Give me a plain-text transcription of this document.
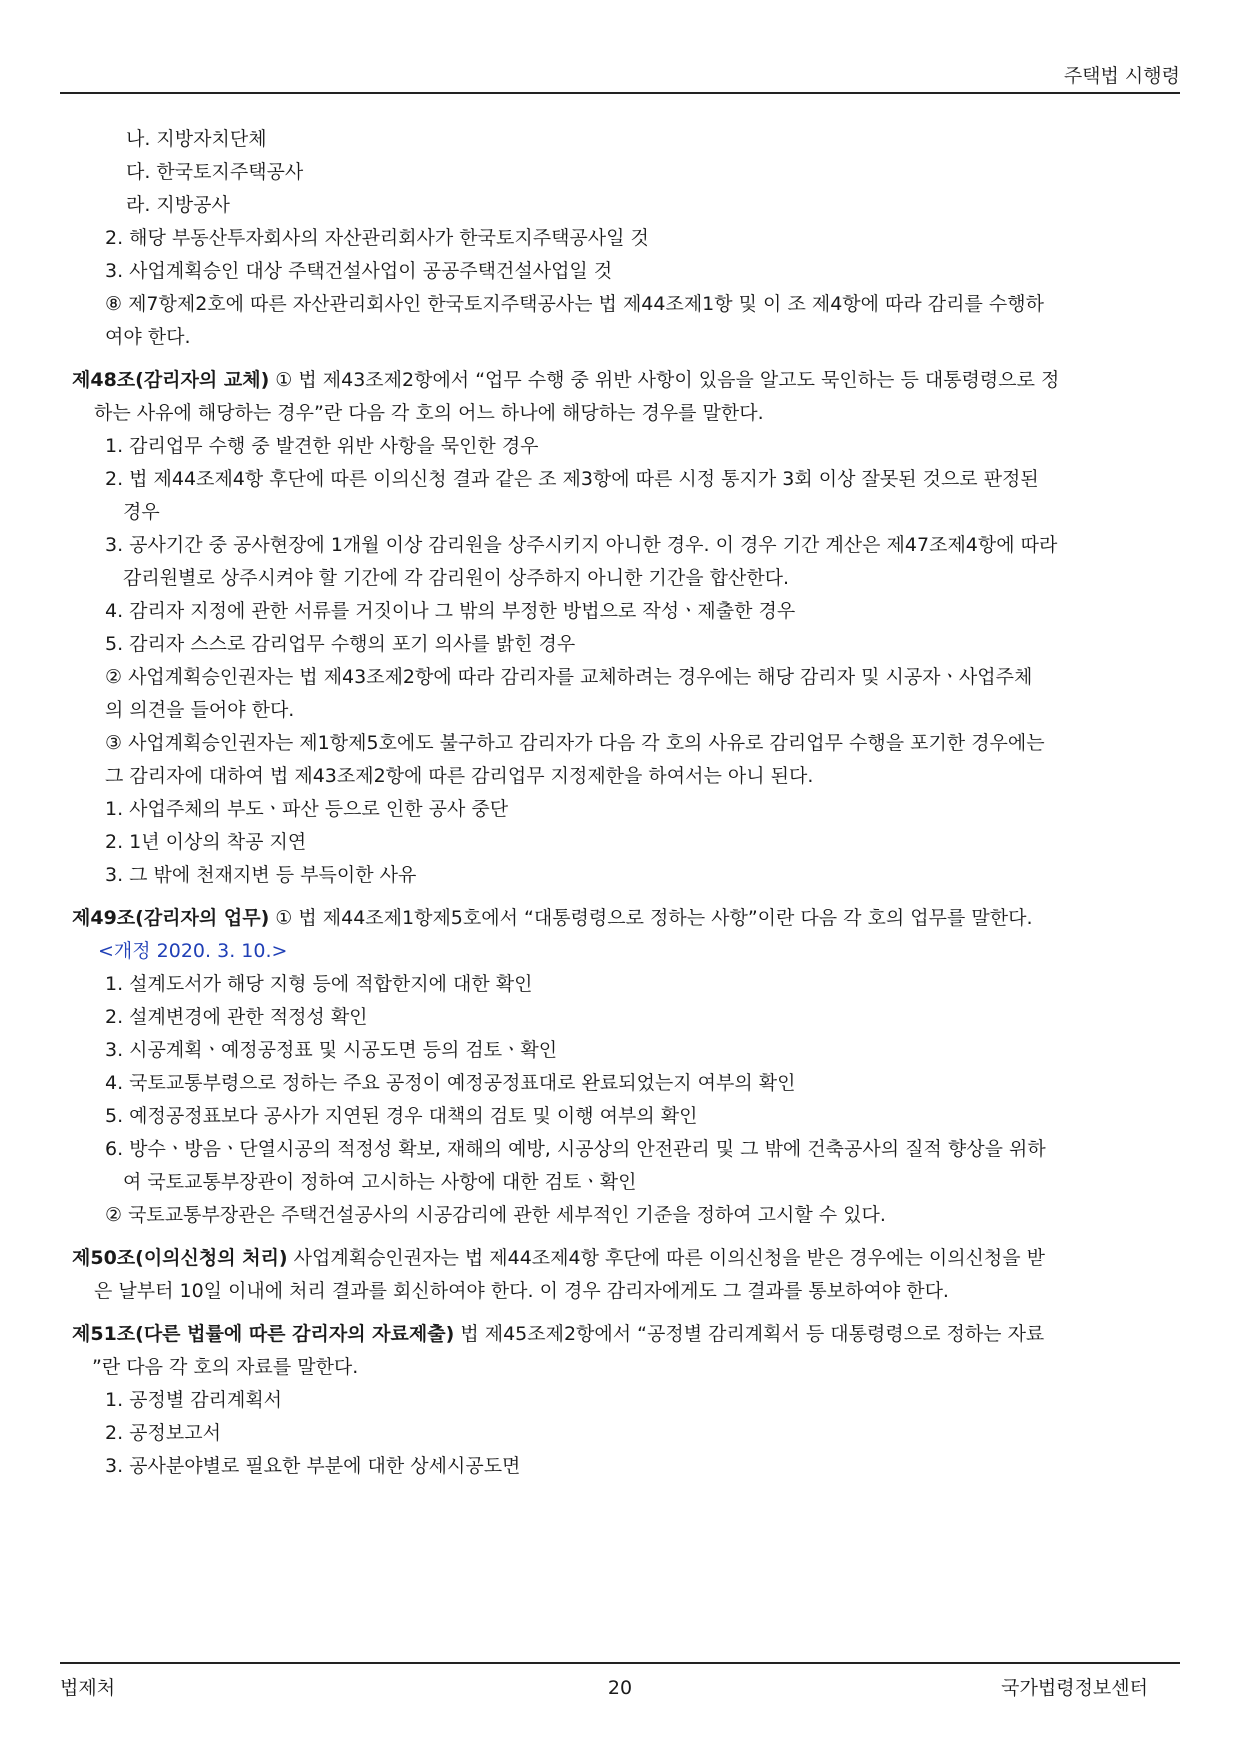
주택법 시행령
나. 지방자치단체
다. 한국토지주택공사
라. 지방공사
2. 해당 부동산투자회사의 자산관리회사가 한국토지주택공사일 것
3. 사업계획승인 대상 주택건설사업이 공공주택건설사업일 것
⑧ 제7항제2호에 따른 자산관리회사인 한국토지주택공사는 법 제44조제1항 및 이 조 제4항에 따라 감리를 수행하
여야 한다.
제48조(감리자의 교체) ① 법 제43조제2항에서 “업무 수행 중 위반 사항이 있음을 알고도 묵인하는 등 대통령령으로 정
하는 사유에 해당하는 경우”란 다음 각 호의 어느 하나에 해당하는 경우를 말한다.
1. 감리업무 수행 중 발견한 위반 사항을 묵인한 경우
2. 법 제44조제4항 후단에 따른 이의신청 결과 같은 조 제3항에 따른 시정 통지가 3회 이상 잘못된 것으로 판정된
경우
3. 공사기간 중 공사현장에 1개월 이상 감리원을 상주시키지 아니한 경우. 이 경우 기간 계산은 제47조제4항에 따라
감리원별로 상주시켜야 할 기간에 각 감리원이 상주하지 아니한 기간을 합산한다.
4. 감리자 지정에 관한 서류를 거짓이나 그 밖의 부정한 방법으로 작성ㆍ제출한 경우
5. 감리자 스스로 감리업무 수행의 포기 의사를 밝힌 경우
② 사업계획승인권자는 법 제43조제2항에 따라 감리자를 교체하려는 경우에는 해당 감리자 및 시공자ㆍ사업주체
의 의견을 들어야 한다.
③ 사업계획승인권자는 제1항제5호에도 불구하고 감리자가 다음 각 호의 사유로 감리업무 수행을 포기한 경우에는
그 감리자에 대하여 법 제43조제2항에 따른 감리업무 지정제한을 하여서는 아니 된다.
1. 사업주체의 부도ㆍ파산 등으로 인한 공사 중단
2. 1년 이상의 착공 지연
3. 그 밖에 천재지변 등 부득이한 사유
제49조(감리자의 업무) ① 법 제44조제1항제5호에서 “대통령령으로 정하는 사항”이란 다음 각 호의 업무를 말한다.
<개정 2020. 3. 10.>
1. 설계도서가 해당 지형 등에 적합한지에 대한 확인
2. 설계변경에 관한 적정성 확인
3. 시공계획ㆍ예정공정표 및 시공도면 등의 검토ㆍ확인
4. 국토교통부령으로 정하는 주요 공정이 예정공정표대로 완료되었는지 여부의 확인
5. 예정공정표보다 공사가 지연된 경우 대책의 검토 및 이행 여부의 확인
6. 방수ㆍ방음ㆍ단열시공의 적정성 확보, 재해의 예방, 시공상의 안전관리 및 그 밖에 건축공사의 질적 향상을 위하
여 국토교통부장관이 정하여 고시하는 사항에 대한 검토ㆍ확인
② 국토교통부장관은 주택건설공사의 시공감리에 관한 세부적인 기준을 정하여 고시할 수 있다.
제50조(이의신청의 처리) 사업계획승인권자는 법 제44조제4항 후단에 따른 이의신청을 받은 경우에는 이의신청을 받
은 날부터 10일 이내에 처리 결과를 회신하여야 한다. 이 경우 감리자에게도 그 결과를 통보하여야 한다.
제51조(다른 법률에 따른 감리자의 자료제출) 법 제45조제2항에서 “공정별 감리계획서 등 대통령령으로 정하는 자료
”란 다음 각 호의 자료를 말한다.
1. 공정별 감리계획서
2. 공정보고서
3. 공사분야별로 필요한 부분에 대한 상세시공도면
법제처	20	국가법령정보센터
